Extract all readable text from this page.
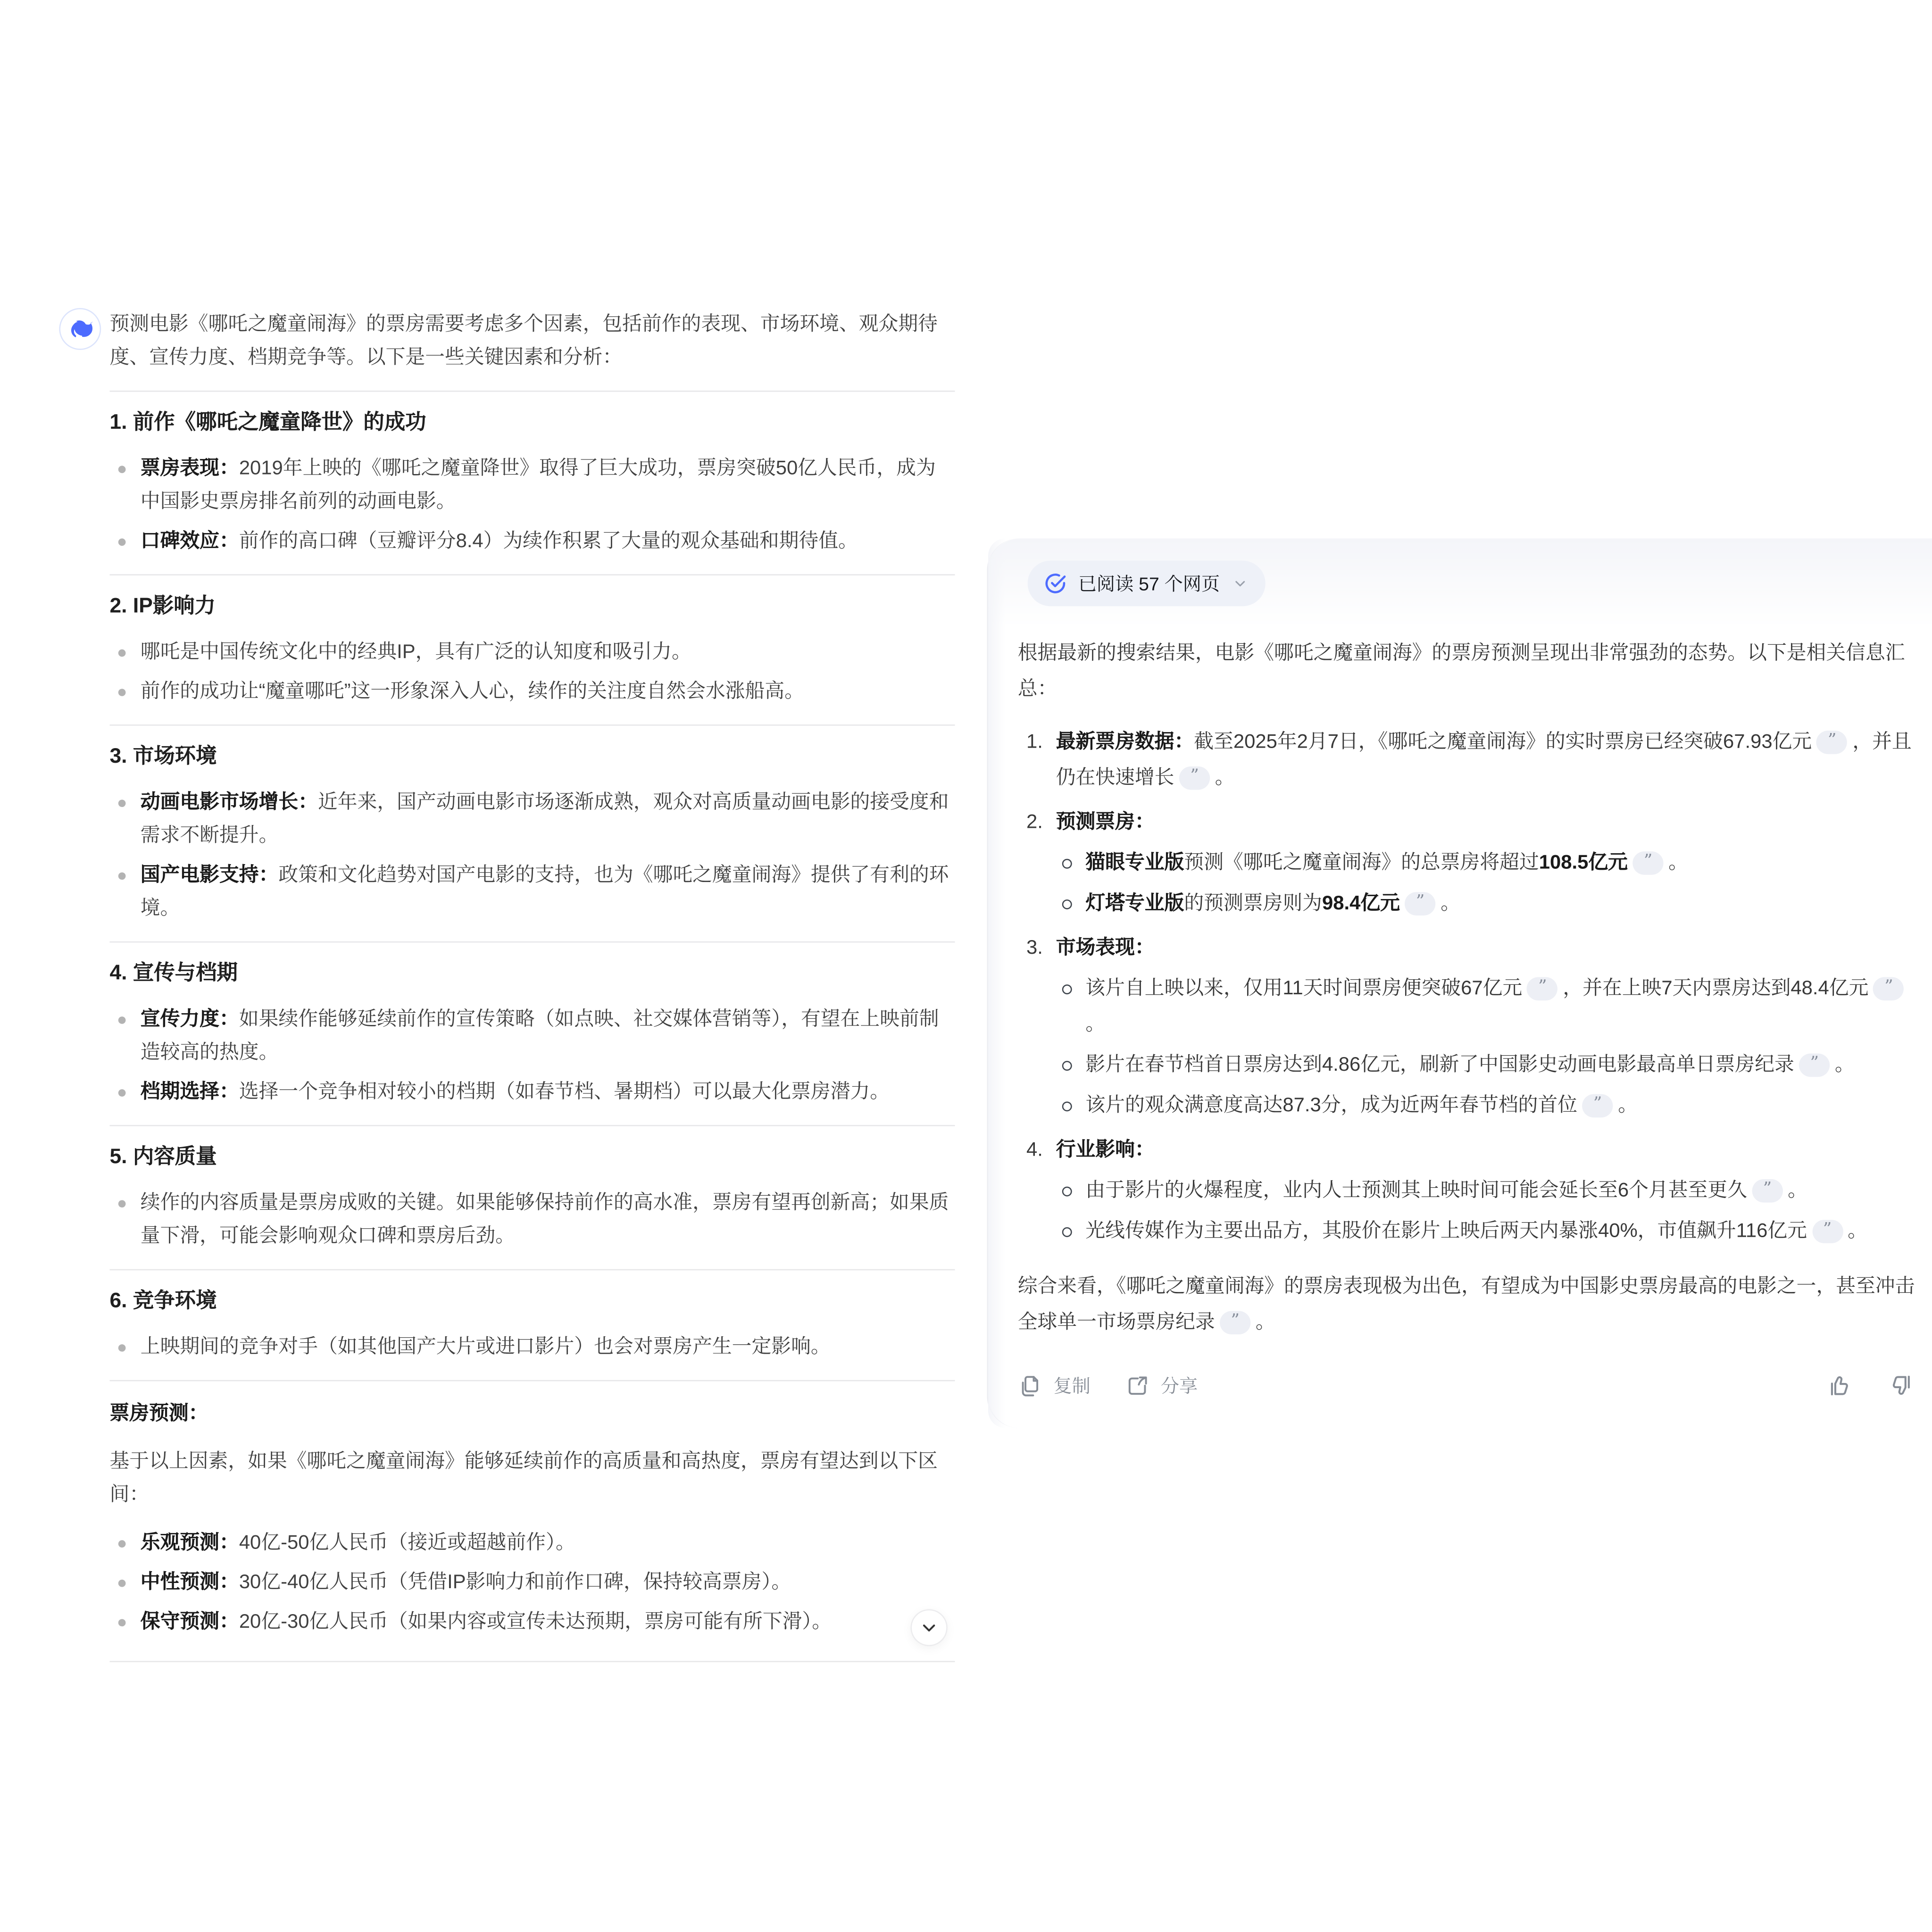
预测电影《哪吒之魔童闹海》的票房需要考虑多个因素，包括前作的表现、市场环境、观众期待度、宣传力度、档期竞争等。以下是一些关键因素和分析：

1. 前作《哪吒之魔童降世》的成功
票房表现：2019年上映的《哪吒之魔童降世》取得了巨大成功，票房突破50亿人民币，成为中国影史票房排名前列的动画电影。
口碑效应：前作的高口碑（豆瓣评分8.4）为续作积累了大量的观众基础和期待值。
2. IP影响力
哪吒是中国传统文化中的经典IP，具有广泛的认知度和吸引力。
前作的成功让“魔童哪吒”这一形象深入人心，续作的关注度自然会水涨船高。
3. 市场环境
动画电影市场增长：近年来，国产动画电影市场逐渐成熟，观众对高质量动画电影的接受度和需求不断提升。
国产电影支持：政策和文化趋势对国产电影的支持，也为《哪吒之魔童闹海》提供了有利的环境。
4. 宣传与档期
宣传力度：如果续作能够延续前作的宣传策略（如点映、社交媒体营销等），有望在上映前制造较高的热度。
档期选择：选择一个竞争相对较小的档期（如春节档、暑期档）可以最大化票房潜力。
5. 内容质量
续作的内容质量是票房成败的关键。如果能够保持前作的高水准，票房有望再创新高；如果质量下滑，可能会影响观众口碑和票房后劲。
6. 竞争环境
上映期间的竞争对手（如其他国产大片或进口影片）也会对票房产生一定影响。

票房预测：

基于以上因素，如果《哪吒之魔童闹海》能够延续前作的高质量和高热度，票房有望达到以下区间：

乐观预测：40亿-50亿人民币（接近或超越前作）。
中性预测：30亿-40亿人民币（凭借IP影响力和前作口碑，保持较高票房）。
保守预测：20亿-30亿人民币（如果内容或宣传未达预期，票房可能有所下滑）。
已阅读 57 个网页

根据最新的搜索结果，电影《哪吒之魔童闹海》的票房预测呈现出非常强劲的态势。以下是相关信息汇总：

1. 最新票房数据：截至2025年2月7日，《哪吒之魔童闹海》的实时票房已经突破67.93亿元 ” ，并且仍在快速增长 ” 。
2. 预测票房：
猫眼专业版预测《哪吒之魔童闹海》的总票房将超过108.5亿元 ” 。
灯塔专业版的预测票房则为98.4亿元 ” 。
3. 市场表现：
该片自上映以来，仅用11天时间票房便突破67亿元 ” ，并在上映7天内票房达到48.4亿元 ”。
影片在春节档首日票房达到4.86亿元，刷新了中国影史动画电影最高单日票房纪录 ” 。
该片的观众满意度高达87.3分，成为近两年春节档的首位 ” 。
4. 行业影响：
由于影片的火爆程度，业内人士预测其上映时间可能会延长至6个月甚至更久 ” 。
光线传媒作为主要出品方，其股价在影片上映后两天内暴涨40%，市值飙升116亿元 ” 。

综合来看，《哪吒之魔童闹海》的票房表现极为出色，有望成为中国影史票房最高的电影之一，甚至冲击全球单一市场票房纪录 ” 。

复制	分享
